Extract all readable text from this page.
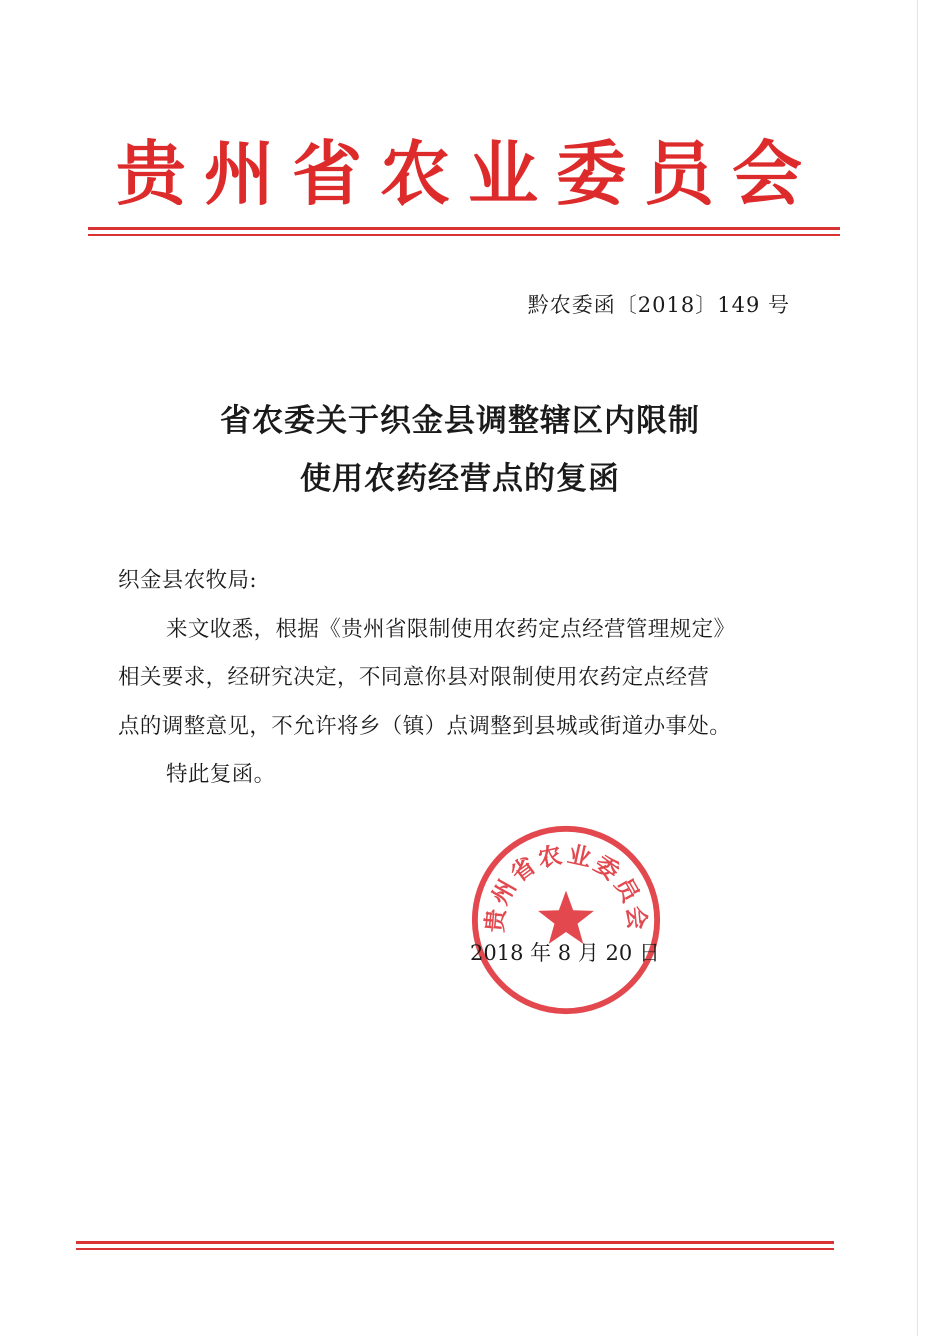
贵州省农业委员会
黔农委函〔2018〕149 号
省农委关于织金县调整辖区内限制
使用农药经营点的复函

织金县农牧局:

来文收悉，根据《贵州省限制使用农药定点经营管理规定》
相关要求，经研究决定，不同意你县对限制使用农药定点经营
点的调整意见，不允许将乡（镇）点调整到县城或街道办事处。

特此复函。

贵州省农业委员会
2018 年 8 月 20 日
